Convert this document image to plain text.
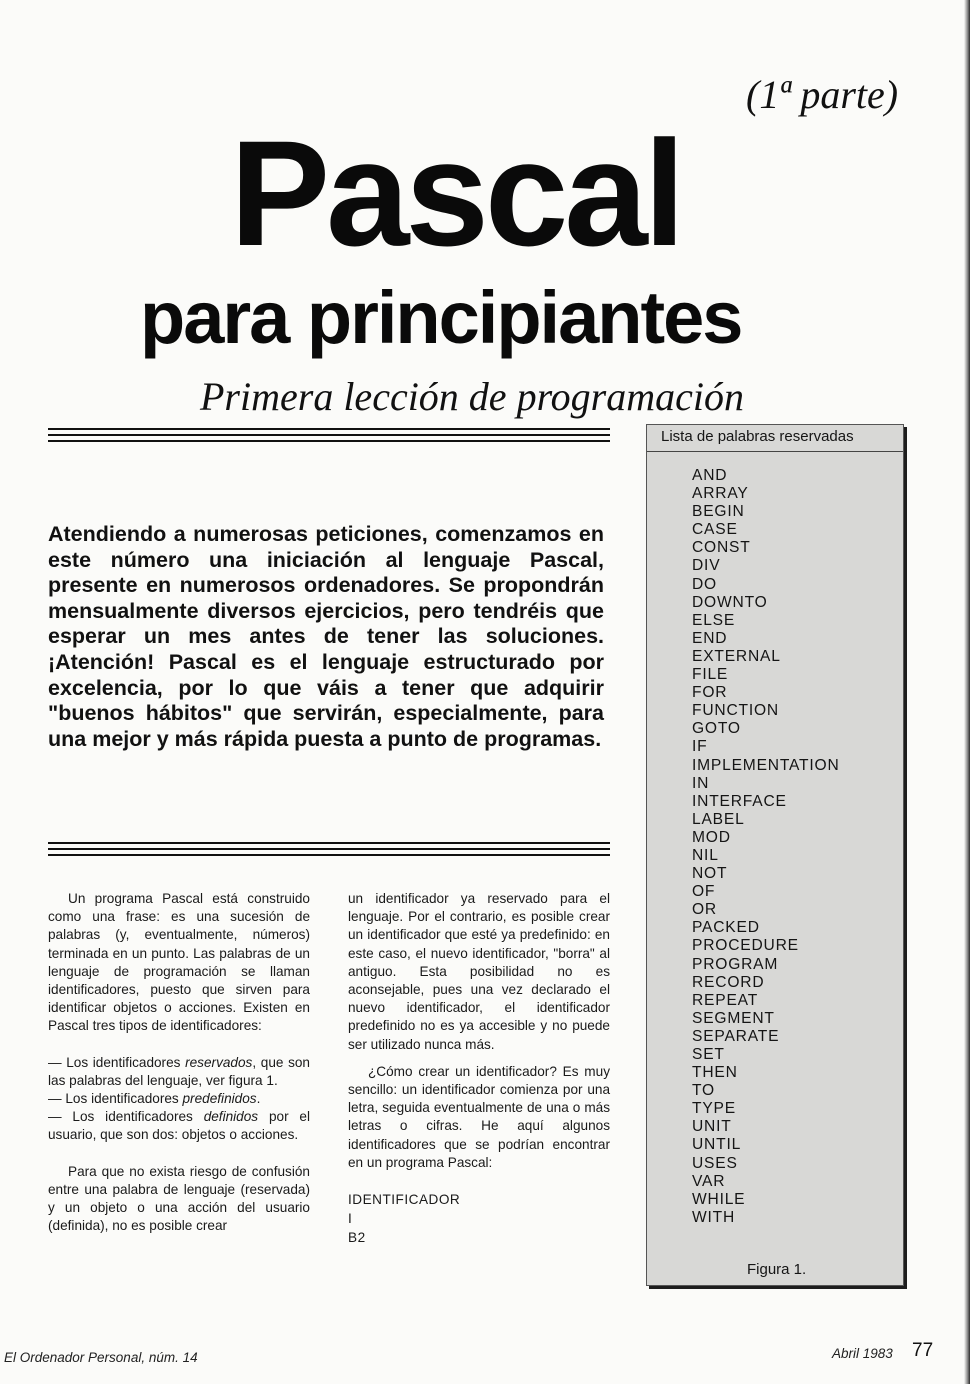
(1ª parte)
Pascal
para principiantes
Primera lección de programación
Atendiendo a numerosas peticiones, comenzamos en este número una iniciación al lenguaje Pascal, presente en numerosos ordenadores. Se propondrán mensualmente diversos ejercicios, pero tendréis que esperar un mes antes de tener las soluciones. ¡Atención! Pascal es el lenguaje estructurado por excelencia, por lo que váis a tener que adquirir "buenos hábitos" que servirán, especialmente, para una mejor y más rápida puesta a punto de programas.

Un programa Pascal está construido como una frase: es una sucesión de palabras (y, eventualmente, números) terminada en un punto. Las palabras de un lenguaje de programación se llaman identificadores, puesto que sirven para identificar objetos o acciones. Existen en Pascal tres tipos de identificadores:

— Los identificadores reservados, que son las palabras del lenguaje, ver figura 1.

— Los identificadores predefinidos.

— Los identificadores definidos por el usuario, que son dos: objetos o acciones.

Para que no exista riesgo de confusión entre una palabra de lenguaje (reservada) y un objeto o una acción del usuario (definida), no es posible crear

un identificador ya reservado para el lenguaje. Por el contrario, es posible crear un identificador que esté ya predefinido: en este caso, el nuevo identificador, "borra" al antiguo. Esta posibilidad no es aconsejable, pues una vez declarado el nuevo identificador, el identificador predefinido no es ya accesible y no puede ser utilizado nunca más.

¿Cómo crear un identificador? Es muy sencillo: un identificador comienza por una letra, seguida eventualmente de una o más letras o cifras. He aquí algunos identificadores que se podrían encontrar en un programa Pascal:

IDENTIFICADOR

I

B2

Lista de palabras reservadas
AND
ARRAY
BEGIN
CASE
CONST
DIV
DO
DOWNTO
ELSE
END
EXTERNAL
FILE
FOR
FUNCTION
GOTO
IF
IMPLEMENTATION
IN
INTERFACE
LABEL
MOD
NIL
NOT
OF
OR
PACKED
PROCEDURE
PROGRAM
RECORD
REPEAT
SEGMENT
SEPARATE
SET
THEN
TO
TYPE
UNIT
UNTIL
USES
VAR
WHILE
WITH
Figura 1.
El Ordenador Personal, núm. 14	Abril 1983 77
